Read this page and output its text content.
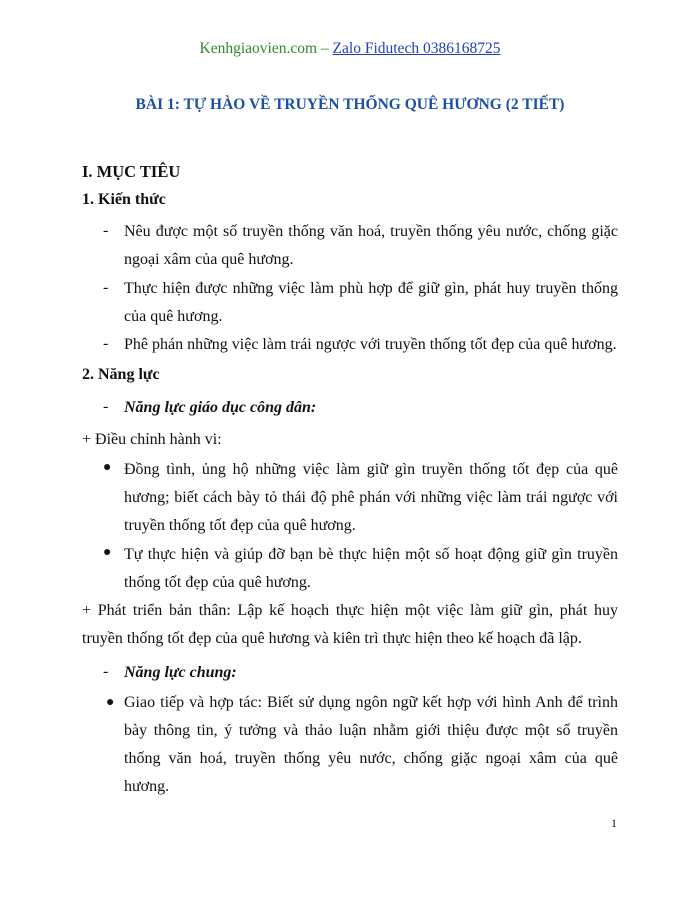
Kenhgiaovien.com – Zalo Fidutech 0386168725
BÀI 1: TỰ HÀO VỀ TRUYỀN THỐNG QUÊ HƯƠNG (2 TIẾT)
I. MỤC TIÊU
1. Kiến thức
- Nêu được một số truyền thống văn hoá, truyền thống yêu nước, chống giặc ngoại xâm của quê hương.
- Thực hiện được những việc làm phù hợp để giữ gìn, phát huy truyền thống của quê hương.
- Phê phán những việc làm trái ngược với truyền thống tốt đẹp của quê hương.
2. Năng lực
- Năng lực giáo dục công dân:
+ Điều chỉnh hành vi:
● Đồng tình, ủng hộ những việc làm giữ gìn truyền thống tốt đẹp của quê hương; biết cách bày tỏ thái độ phê phán với những việc làm trái ngược với truyền thống tốt đẹp của quê hương.
● Tự thực hiện và giúp đỡ bạn bè thực hiện một số hoạt động giữ gìn truyền thống tốt đẹp của quê hương.
+ Phát triển bản thân: Lập kế hoạch thực hiện một việc làm giữ gìn, phát huy truyền thống tốt đẹp của quê hương và kiên trì thực hiện theo kế hoạch đã lập.
- Năng lực chung:
● Giao tiếp và hợp tác: Biết sử dụng ngôn ngữ kết hợp với hình Anh để trình bày thông tin, ý tưởng và thảo luận nhằm giới thiệu được một số truyền thống văn hoá, truyền thống yêu nước, chống giặc ngoại xâm của quê hương.
1
